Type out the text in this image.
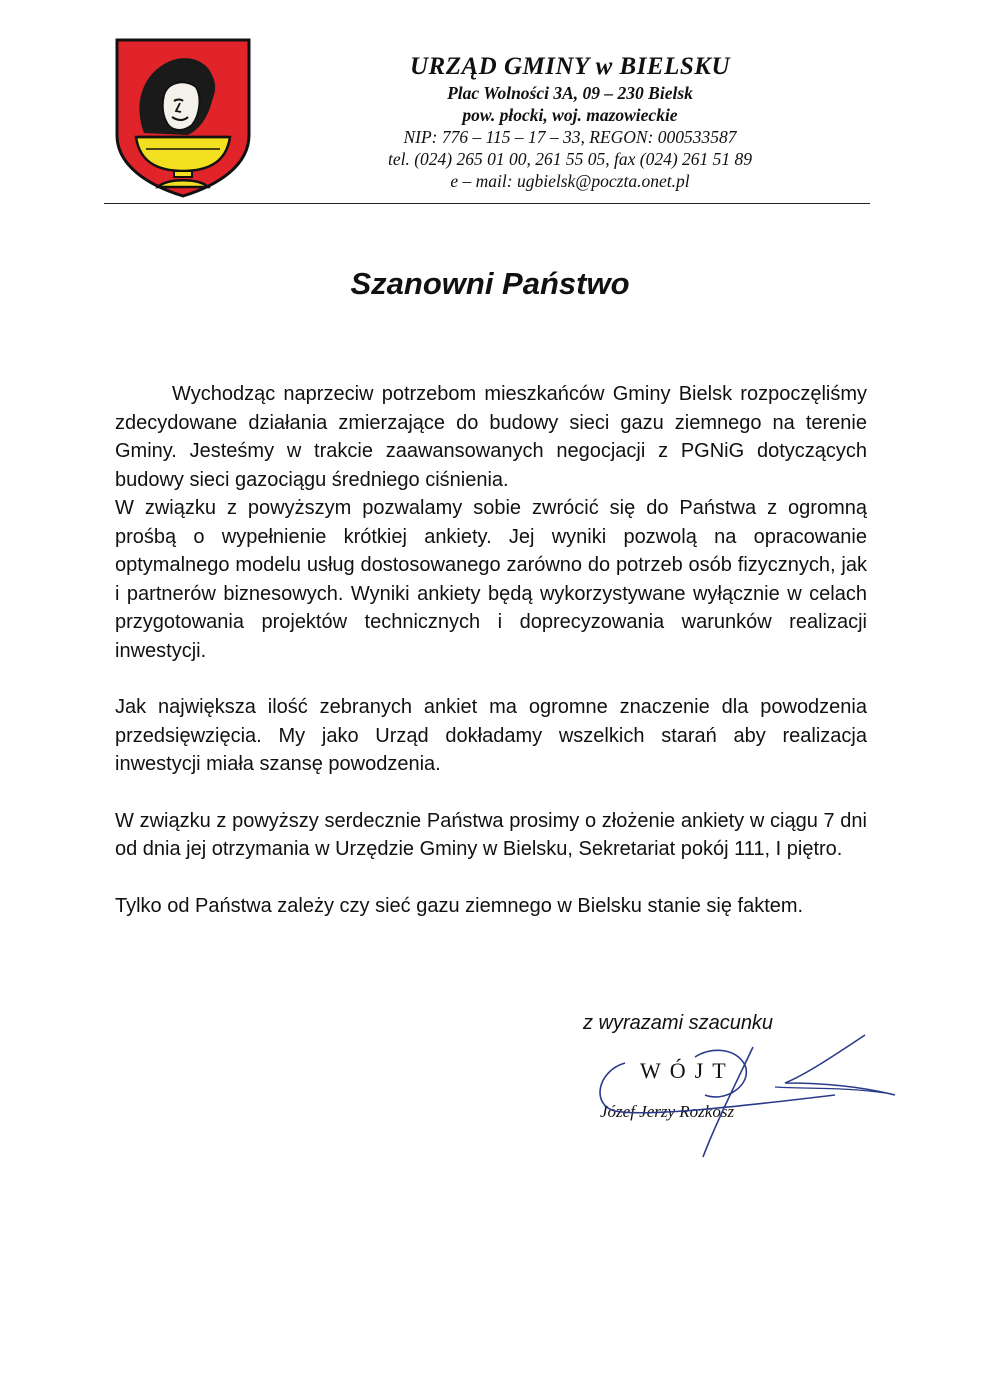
URZĄD GMINY w BIELSKU

Plac Wolności 3A, 09 – 230 Bielsk

pow. płocki, woj. mazowieckie

NIP: 776 – 115 – 17 – 33, REGON: 000533587

tel. (024) 265 01 00, 261 55 05, fax (024) 261 51 89

e – mail: ugbielsk@poczta.onet.pl

Szanowni Państwo

Wychodząc naprzeciw potrzebom mieszkańców Gminy Bielsk rozpoczęliśmy zdecydowane działania zmierzające do budowy sieci gazu ziemnego na terenie Gminy. Jesteśmy w trakcie zaawansowanych negocjacji z PGNiG dotyczących budowy sieci gazociągu średniego ciśnienia.

W związku z powyższym pozwalamy sobie zwrócić się do Państwa z ogromną prośbą o wypełnienie krótkiej ankiety. Jej wyniki pozwolą na opracowanie optymalnego modelu usług dostosowanego zarówno do potrzeb osób fizycznych, jak i partnerów biznesowych. Wyniki ankiety będą wykorzystywane wyłącznie w celach przygotowania projektów technicznych i doprecyzowania warunków realizacji inwestycji.

Jak największa ilość zebranych ankiet ma ogromne znaczenie dla powodzenia przedsięwzięcia. My jako Urząd dokładamy wszelkich starań aby realizacja inwestycji miała szansę powodzenia.

W związku z powyższy serdecznie Państwa prosimy o złożenie ankiety w ciągu 7 dni od dnia jej otrzymania w Urzędzie Gminy w Bielsku, Sekretariat pokój 111, I piętro.

Tylko od Państwa zależy czy sieć gazu ziemnego w Bielsku stanie się faktem.

z wyrazami szacunku

WÓJT

Józef Jerzy Rozkosz
